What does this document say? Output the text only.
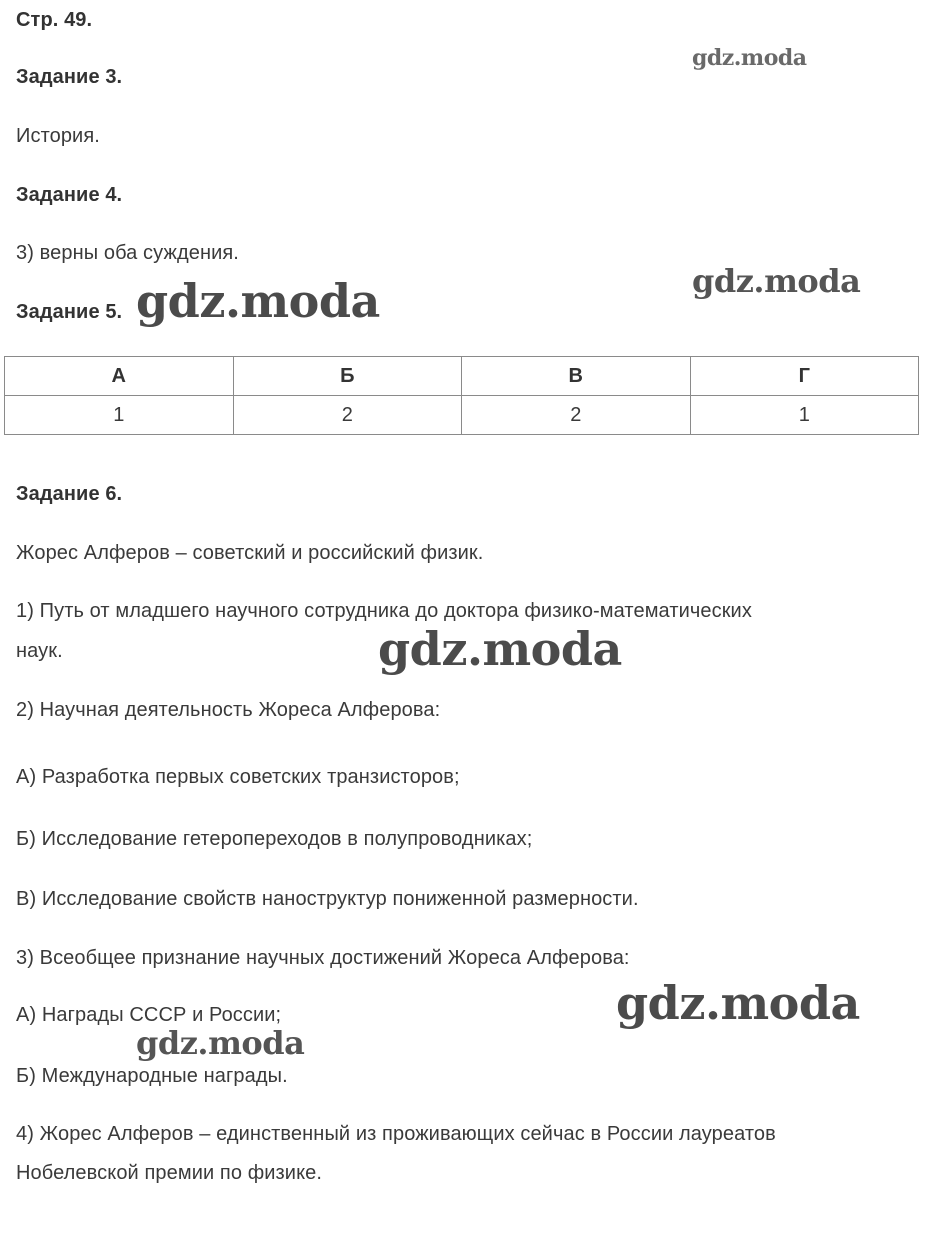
Стр. 49.
Задание 3.
История.
Задание 4.
3) верны оба суждения.
Задание 5.
А	Б	В	Г
1	2	2	1
Задание 6.
Жорес Алферов – советский и российский физик.
1) Путь от младшего научного сотрудника до доктора физико-математических
наук.
2) Научная деятельность Жореса Алферова:
А) Разработка первых советских транзисторов;
Б) Исследование гетеропереходов в полупроводниках;
В) Исследование свойств наноструктур пониженной размерности.
3) Всеобщее признание научных достижений Жореса Алферова:
А) Награды СССР и России;
Б) Международные награды.
4) Жорес Алферов – единственный из проживающих сейчас в России лауреатов
Нобелевской премии по физике.
gdz.moda
gdz.moda
gdz.moda
gdz.moda
gdz.moda
gdz.moda
